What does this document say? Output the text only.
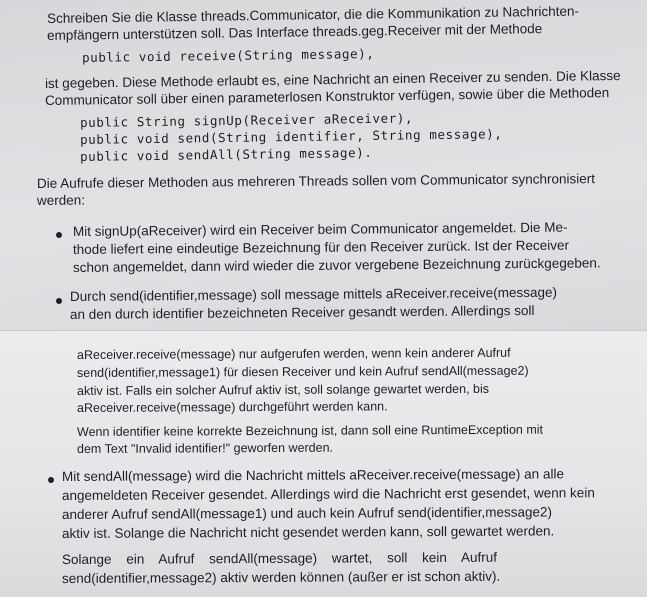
Schreiben Sie die Klasse threads.Communicator, die die Kommunikation zu Nachrichten-
empfängern unterstützen soll. Das Interface threads.geg.Receiver mit der Methode
public void receive(String message),
ist gegeben. Diese Methode erlaubt es, eine Nachricht an einen Receiver zu senden. Die Klasse
Communicator soll über einen parameterlosen Konstruktor verfügen, sowie über die Methoden
public String signUp(Receiver aReceiver),
public void send(String identifier, String message),
public void sendAll(String message).
Die Aufrufe dieser Methoden aus mehreren Threads sollen vom Communicator synchronisiert
werden:
Mit signUp(aReceiver) wird ein Receiver beim Communicator angemeldet. Die Me-
thode liefert eine eindeutige Bezeichnung für den Receiver zurück. Ist der Receiver
schon angemeldet, dann wird wieder die zuvor vergebene Bezeichnung zurückgegeben.
Durch send(identifier,message) soll message mittels aReceiver.receive(message)
an den durch identifier bezeichneten Receiver gesandt werden. Allerdings soll
aReceiver.receive(message) nur aufgerufen werden, wenn kein anderer Aufruf
send(identifier,message1) für diesen Receiver und kein Aufruf sendAll(message2)
aktiv ist. Falls ein solcher Aufruf aktiv ist, soll solange gewartet werden, bis
aReceiver.receive(message) durchgeführt werden kann.
Wenn identifier keine korrekte Bezeichnung ist, dann soll eine RuntimeException mit
dem Text "Invalid identifier!" geworfen werden.
Mit sendAll(message) wird die Nachricht mittels aReceiver.receive(message) an alle
angemeldeten Receiver gesendet. Allerdings wird die Nachricht erst gesendet, wenn kein
anderer Aufruf sendAll(message1) und auch kein Aufruf send(identifier,message2)
aktiv ist. Solange die Nachricht nicht gesendet werden kann, soll gewartet werden.
Solange ein Aufruf sendAll(message) wartet, soll kein Aufruf
send(identifier,message2) aktiv werden können (außer er ist schon aktiv).
